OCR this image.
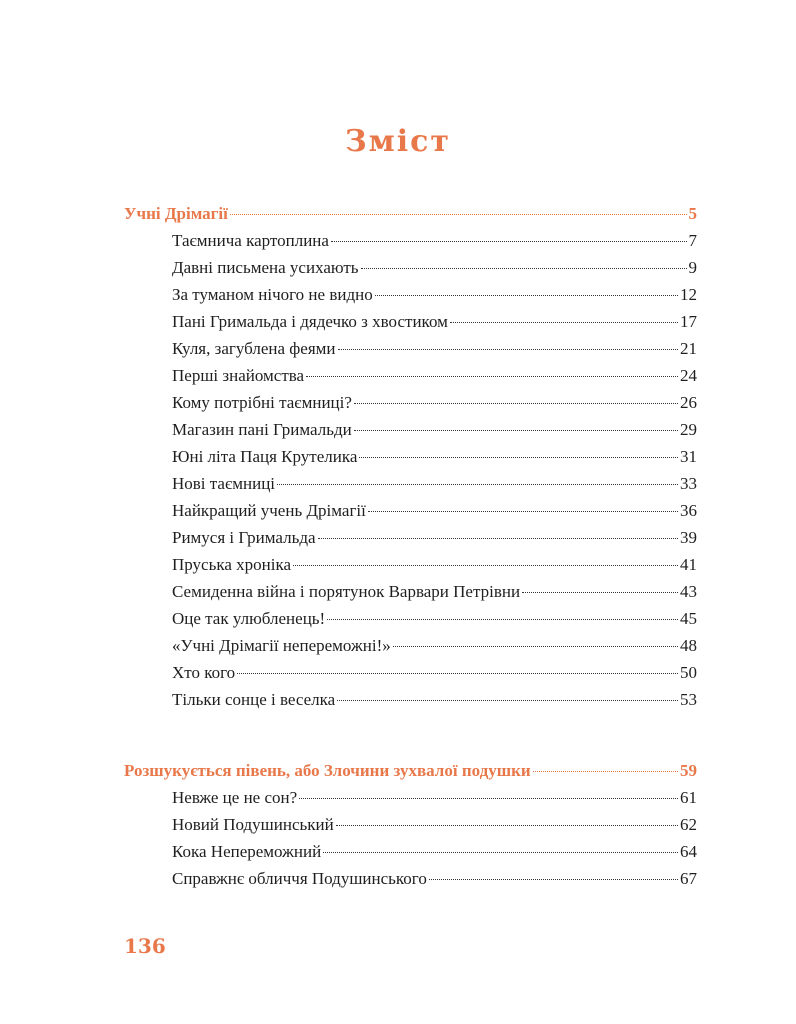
Зміст
Учні Дрімагії	5
Таємнича картоплина	7
Давні письмена усихають	9
За туманом нічого не видно	12
Пані Гримальда і дядечко з хвостиком	17
Куля, загублена феями	21
Перші знайомства	24
Кому потрібні таємниці?	26
Магазин пані Гримальди	29
Юні літа Паця Крутелика	31
Нові таємниці	33
Найкращий учень Дрімагії	36
Римуся і Гримальда	39
Пруська хроніка	41
Семиденна війна і порятунок Варвари Петрівни	43
Оце так улюбленець!	45
«Учні Дрімагії непереможні!»	48
Хто кого	50
Тільки сонце і веселка	53
Розшукується півень, або Злочини зухвалої подушки	59
Невже це не сон?	61
Новий Подушинський	62
Кока Непереможний	64
Справжнє обличчя Подушинського	67
136
